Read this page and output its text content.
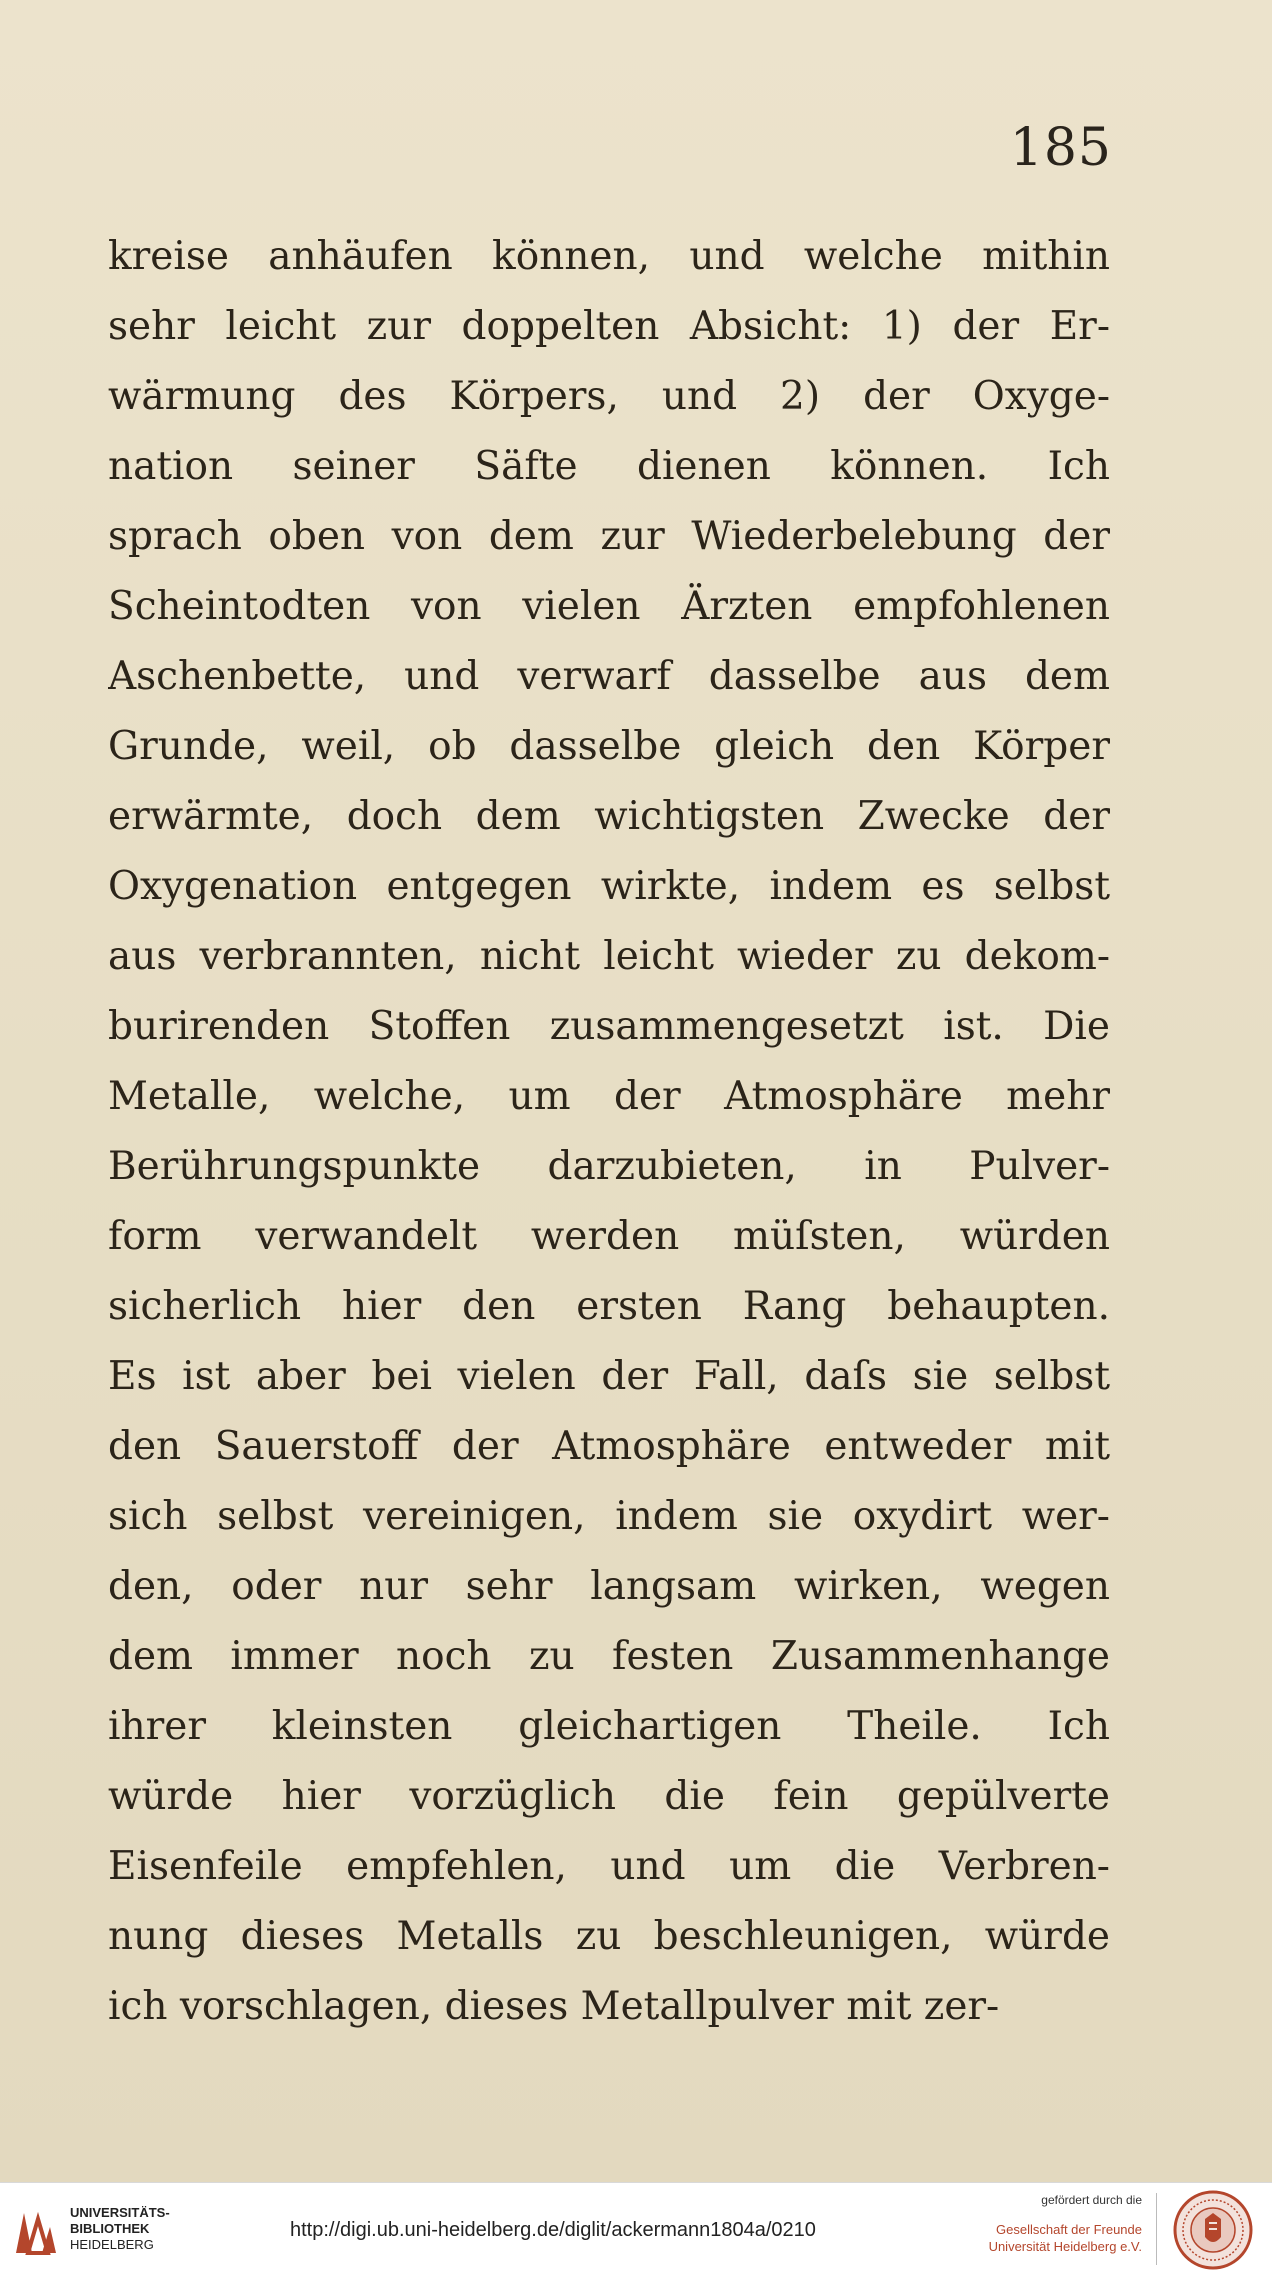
185
kreise anhäufen können, und welche mithin
sehr leicht zur doppelten Absicht: 1) der Er-
wärmung des Körpers, und 2) der Oxyge-
nation seiner Säfte dienen können. Ich
sprach oben von dem zur Wiederbelebung der
Scheintodten von vielen Ärzten empfohlenen
Aschenbette, und verwarf dasselbe aus dem
Grunde, weil, ob dasselbe gleich den Körper
erwärmte, doch dem wichtigsten Zwecke der
Oxygenation entgegen wirkte, indem es selbst
aus verbrannten, nicht leicht wieder zu dekom-
burirenden Stoffen zusammengesetzt ist. Die
Metalle, welche, um der Atmosphäre mehr
Berührungspunkte darzubieten, in Pulver-
form verwandelt werden müſsten, würden
sicherlich hier den ersten Rang behaupten.
Es ist aber bei vielen der Fall, daſs sie selbst
den Sauerstoff der Atmosphäre entweder mit
sich selbst vereinigen, indem sie oxydirt wer-
den, oder nur sehr langsam wirken, wegen
dem immer noch zu festen Zusammenhange
ihrer kleinsten gleichartigen Theile. Ich
würde hier vorzüglich die fein gepülverte
Eisenfeile empfehlen, und um die Verbren-
nung dieses Metalls zu beschleunigen, würde
ich vorschlagen, dieses Metallpulver mit zer-
UNIVERSITÄTS-
BIBLIOTHEK
HEIDELBERG
http://digi.ub.uni-heidelberg.de/diglit/ackermann1804a/0210
gefördert durch die
Gesellschaft der Freunde
Universität Heidelberg e.V.
